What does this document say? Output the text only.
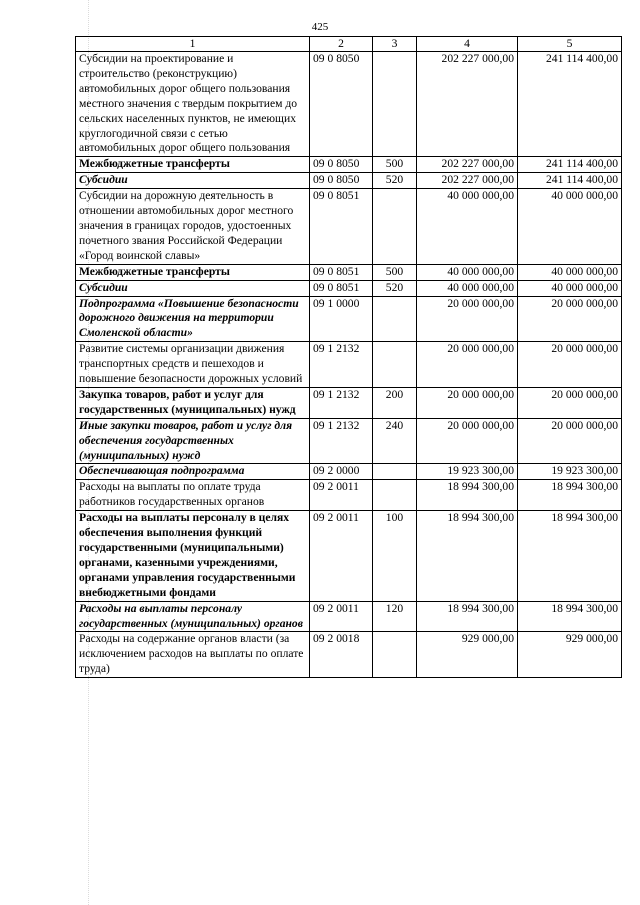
425
1	2	3	4	5
Субсидии на проектирование и строительство (реконструкцию) автомобильных дорог общего пользования местного значения с твердым покрытием до сельских населенных пунктов, не имеющих круглогодичной связи с сетью автомобильных дорог общего пользования	09 0 8050		202 227 000,00	241 114 400,00
Межбюджетные трансферты	09 0 8050	500	202 227 000,00	241 114 400,00
Субсидии	09 0 8050	520	202 227 000,00	241 114 400,00
Субсидии на дорожную деятельность в отношении автомобильных дорог местного значения в границах городов, удостоенных почетного звания Российской Федерации «Город воинской славы»	09 0 8051		40 000 000,00	40 000 000,00
Межбюджетные трансферты	09 0 8051	500	40 000 000,00	40 000 000,00
Субсидии	09 0 8051	520	40 000 000,00	40 000 000,00
Подпрограмма «Повышение безопасности дорожного движения на территории Смоленской области»	09 1 0000		20 000 000,00	20 000 000,00
Развитие системы организации движения транспортных средств и пешеходов и повышение безопасности дорожных условий	09 1 2132		20 000 000,00	20 000 000,00
Закупка товаров, работ и услуг для государственных (муниципальных) нужд	09 1 2132	200	20 000 000,00	20 000 000,00
Иные закупки товаров, работ и услуг для обеспечения государственных (муниципальных) нужд	09 1 2132	240	20 000 000,00	20 000 000,00
Обеспечивающая подпрограмма	09 2 0000		19 923 300,00	19 923 300,00
Расходы на выплаты по оплате труда работников государственных органов	09 2 0011		18 994 300,00	18 994 300,00
Расходы на выплаты персоналу в целях обеспечения выполнения функций государственными (муниципальными) органами, казенными учреждениями, органами управления государственными внебюджетными фондами	09 2 0011	100	18 994 300,00	18 994 300,00
Расходы на выплаты персоналу государственных (муниципальных) органов	09 2 0011	120	18 994 300,00	18 994 300,00
Расходы на содержание органов власти (за исключением расходов на выплаты по оплате труда)	09 2 0018		929 000,00	929 000,00
